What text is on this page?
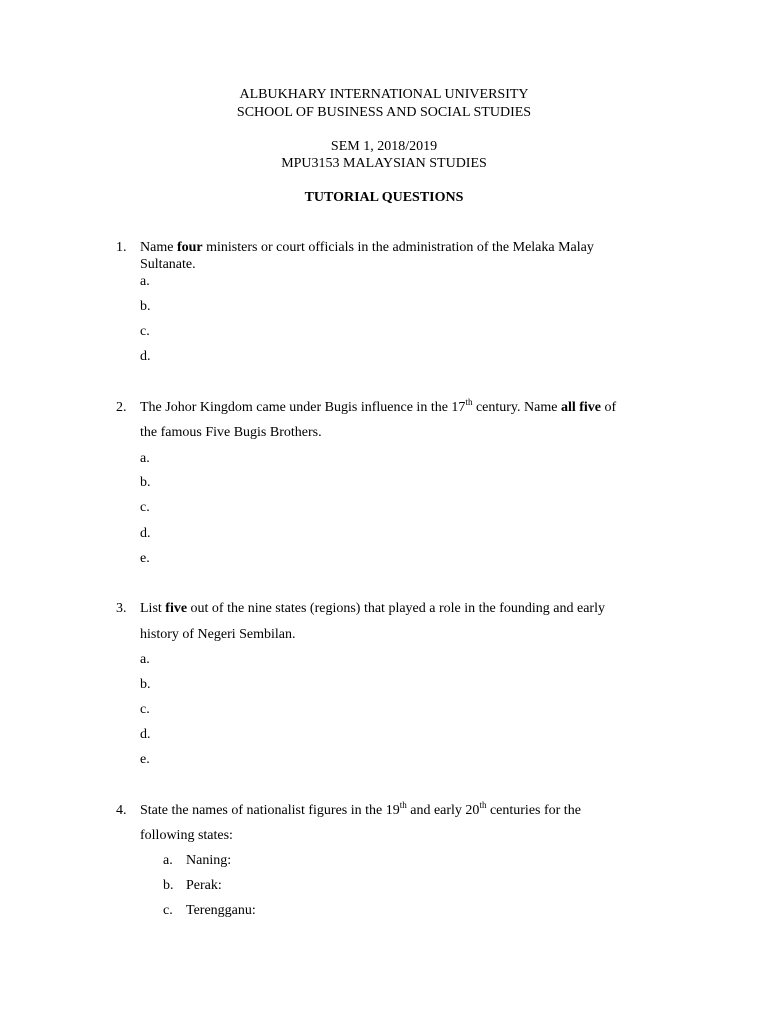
ALBUKHARY INTERNATIONAL UNIVERSITY
SCHOOL OF BUSINESS AND SOCIAL STUDIES
SEM 1, 2018/2019
MPU3153 MALAYSIAN STUDIES
TUTORIAL QUESTIONS
1. Name four ministers or court officials in the administration of the Melaka Malay
Sultanate.
a.
b.
c.
d.
2. The Johor Kingdom came under Bugis influence in the 17th century. Name all five of
the famous Five Bugis Brothers.
a.
b.
c.
d.
e.
3. List five out of the nine states (regions) that played a role in the founding and early
history of Negeri Sembilan.
a.
b.
c.
d.
e.
4. State the names of nationalist figures in the 19th and early 20th centuries for the
following states:
a. Naning:
b. Perak:
c. Terengganu:
